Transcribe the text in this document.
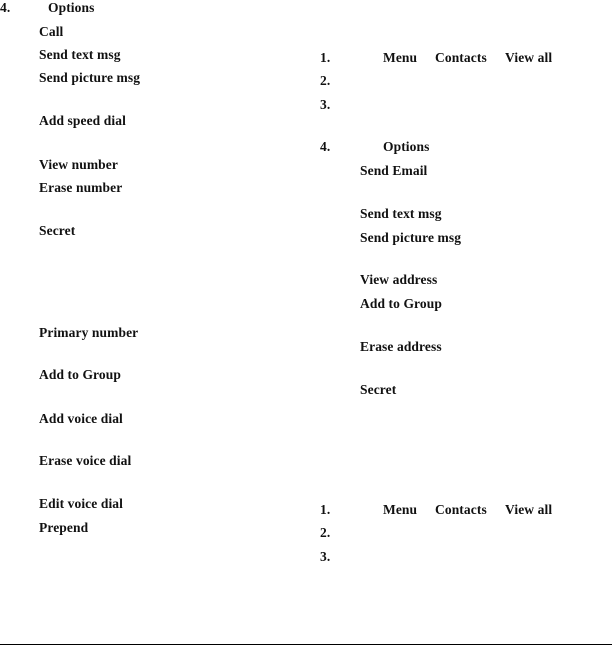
4.	Options
Call
Send text msg
Send picture msg
Add speed dial
View number
Erase number
Secret
Primary number
Add to Group
Add voice dial
Erase voice dial
Edit voice dial
Prepend
1.	Menu Contacts View all
2.
3.
4.	Options
Send Email
Send text msg
Send picture msg
View address
Add to Group
Erase address
Secret
1.	Menu Contacts View all
2.
3.
